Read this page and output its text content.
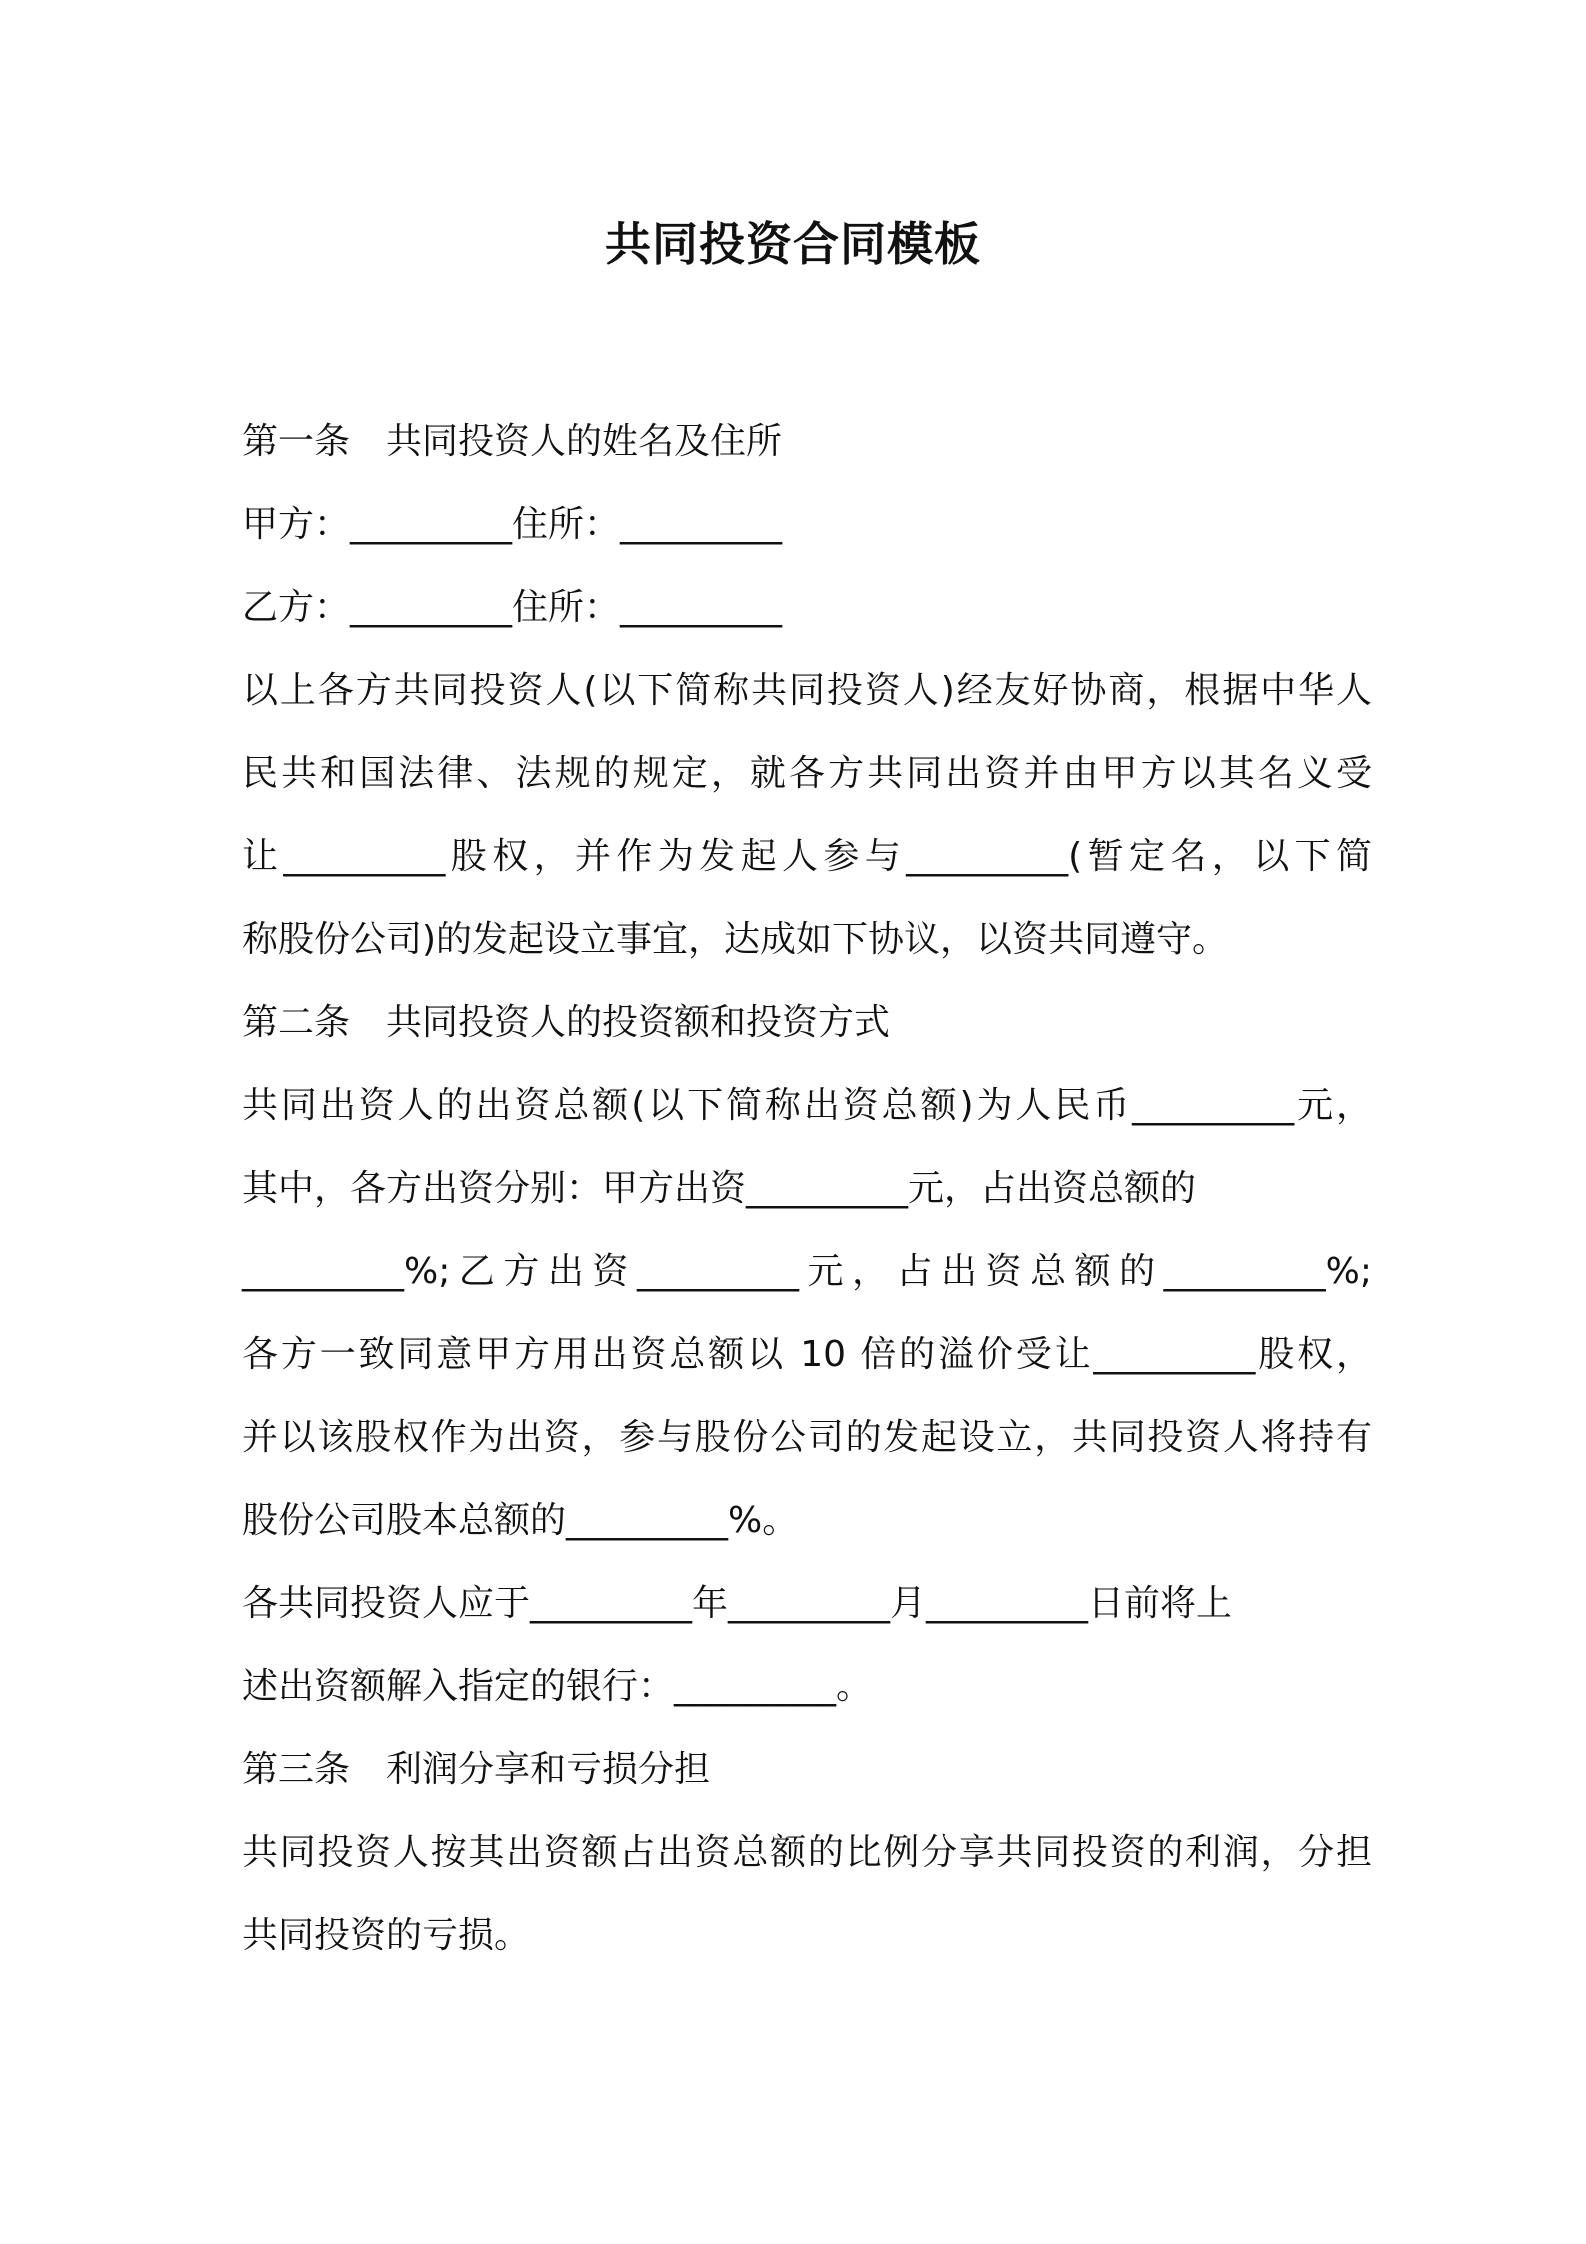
共同投资合同模板
第一条　共同投资人的姓名及住所
甲方：_________住所：_________
乙方：_________住所：_________
以上各方共同投资人(以下简称共同投资人)经友好协商，根据中华人
民共和国法律、法规的规定，就各方共同出资并由甲方以其名义受
让_________股权，并作为发起人参与_________(暂定名，以下简
称股份公司)的发起设立事宜，达成如下协议，以资共同遵守。
第二条　共同投资人的投资额和投资方式
共同出资人的出资总额(以下简称出资总额)为人民币_________元，
其中，各方出资分别：甲方出资_________元，占出资总额的
_________%;乙方出资_________元，占出资总额的_________%;
各方一致同意甲方用出资总额以 10 倍的溢价受让_________股权，
并以该股权作为出资，参与股份公司的发起设立，共同投资人将持有
股份公司股本总额的_________%。
各共同投资人应于_________年_________月_________日前将上
述出资额解入指定的银行：_________。
第三条　利润分享和亏损分担
共同投资人按其出资额占出资总额的比例分享共同投资的利润，分担
共同投资的亏损。
